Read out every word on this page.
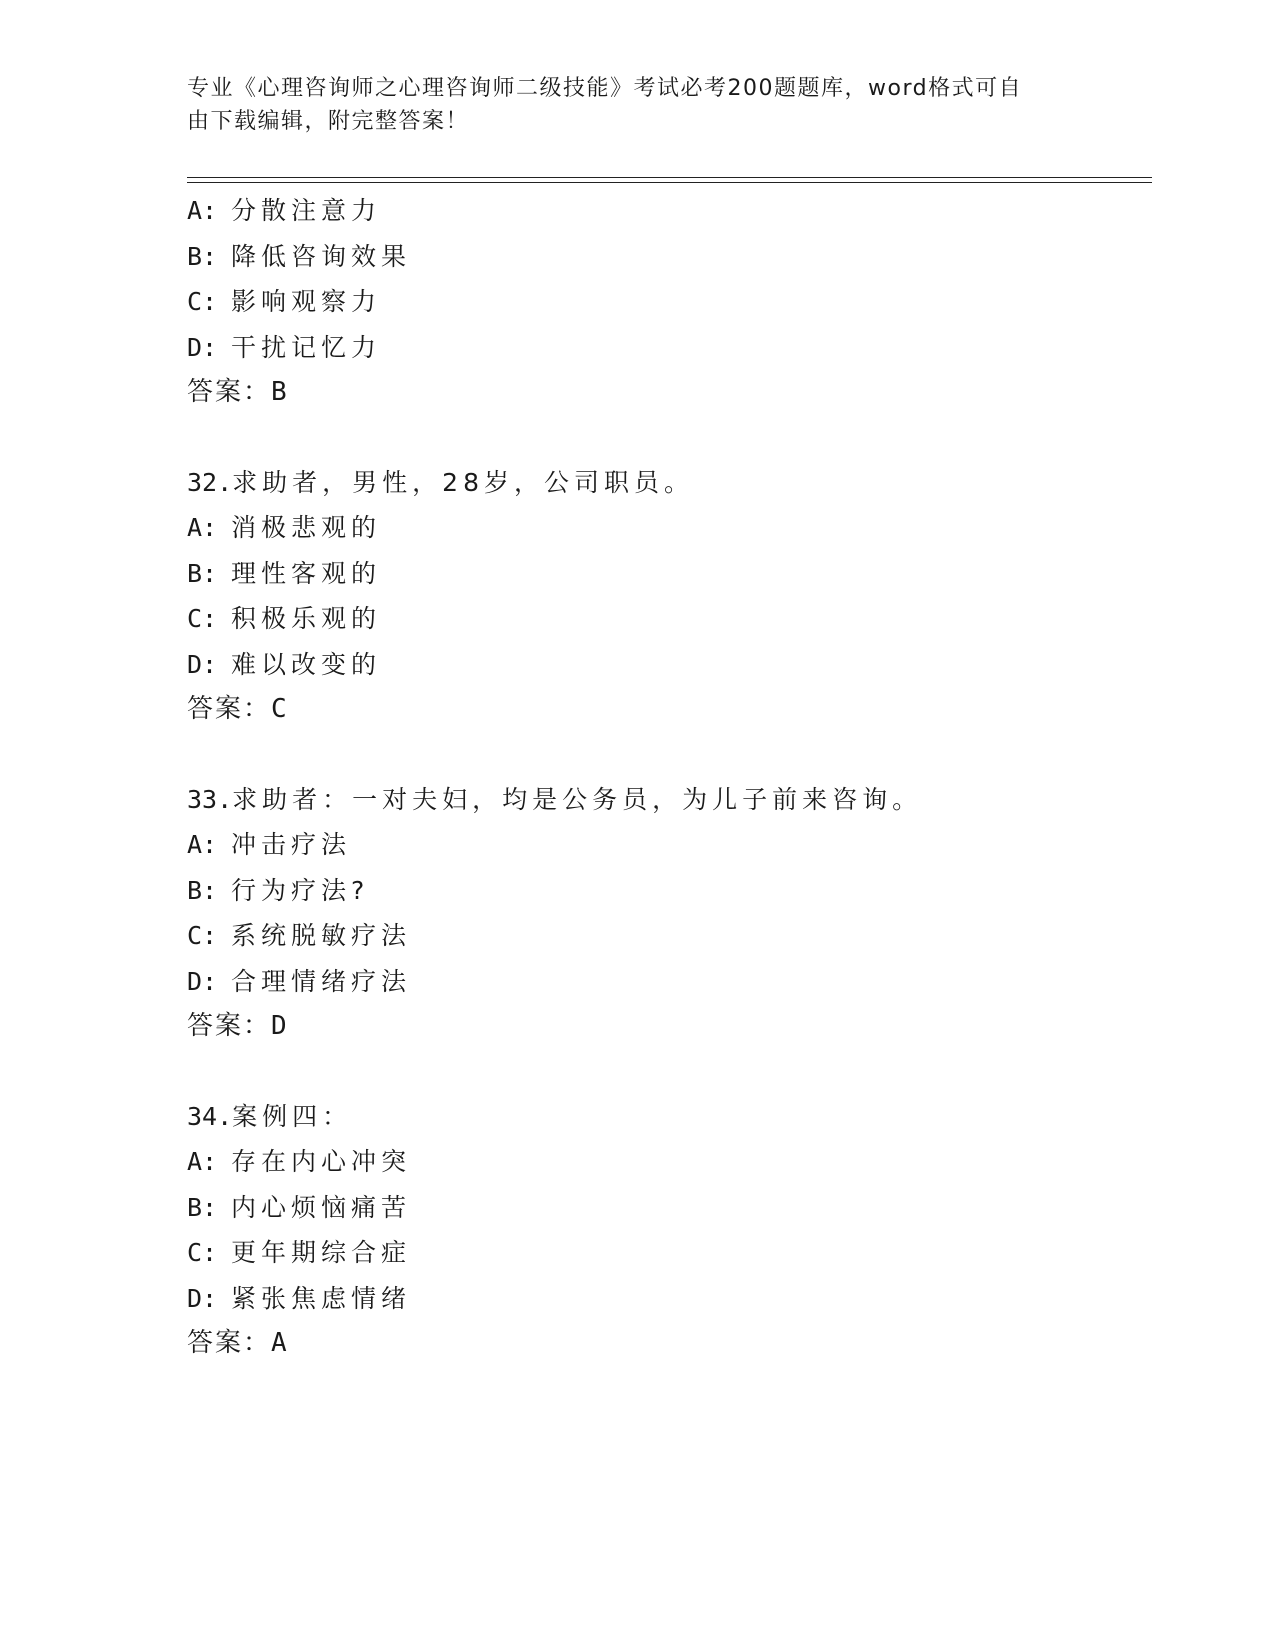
专业《心理咨询师之心理咨询师二级技能》考试必考200题题库，word格式可自
由下载编辑，附完整答案！
A: 分散注意力
B: 降低咨询效果
C: 影响观察力
D: 干扰记忆力
答案：B
32.求助者，男性，28岁，公司职员。
A: 消极悲观的
B: 理性客观的
C: 积极乐观的
D: 难以改变的
答案：C
33.求助者：一对夫妇，均是公务员，为儿子前来咨询。
A: 冲击疗法
B: 行为疗法?
C: 系统脱敏疗法
D: 合理情绪疗法
答案：D
34.案例四：
A: 存在内心冲突
B: 内心烦恼痛苦
C: 更年期综合症
D: 紧张焦虑情绪
答案：A
